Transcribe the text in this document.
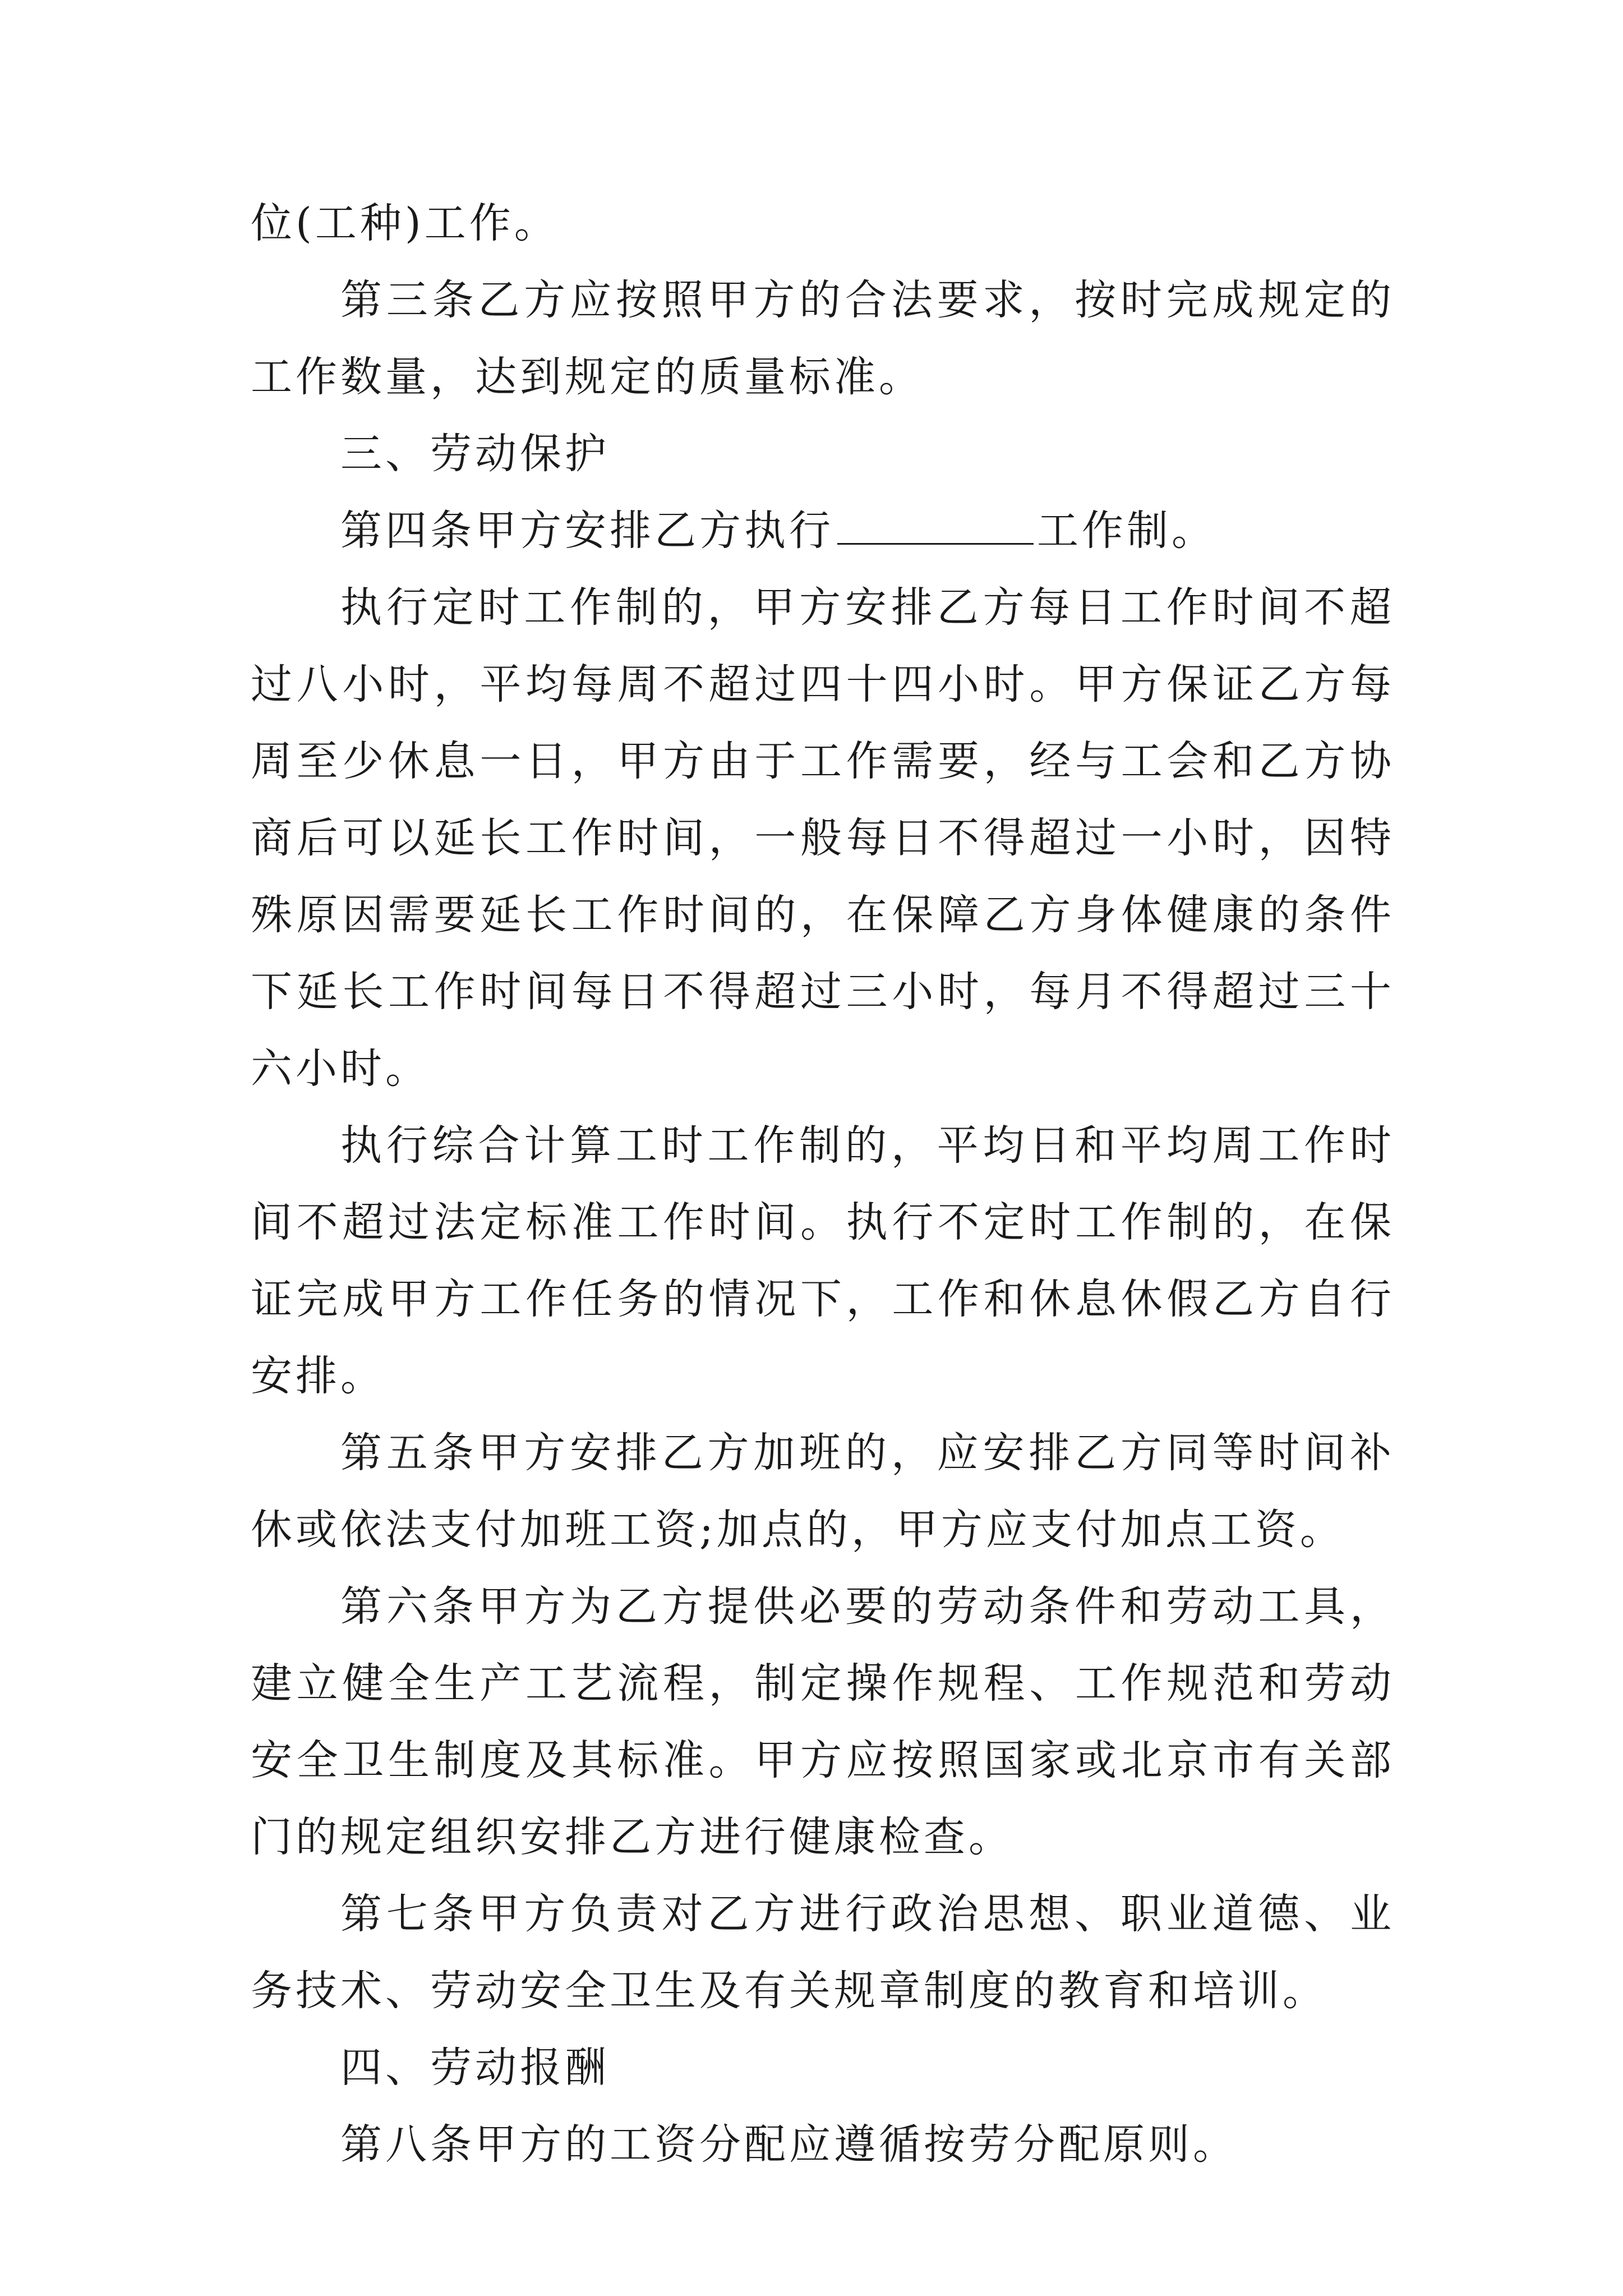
位(工种)工作。

第三条乙方应按照甲方的合法要求，按时完成规定的工作数量，达到规定的质量标准。

三、劳动保护

第四条甲方安排乙方执行	工作制。

执行定时工作制的，甲方安排乙方每日工作时间不超过八小时，平均每周不超过四十四小时。甲方保证乙方每周至少休息一日，甲方由于工作需要，经与工会和乙方协商后可以延长工作时间，一般每日不得超过一小时，因特殊原因需要延长工作时间的，在保障乙方身体健康的条件下延长工作时间每日不得超过三小时，每月不得超过三十六小时。

执行综合计算工时工作制的，平均日和平均周工作时间不超过法定标准工作时间。执行不定时工作制的，在保证完成甲方工作任务的情况下，工作和休息休假乙方自行安排。

第五条甲方安排乙方加班的，应安排乙方同等时间补休或依法支付加班工资;加点的，甲方应支付加点工资。

第六条甲方为乙方提供必要的劳动条件和劳动工具，建立健全生产工艺流程，制定操作规程、工作规范和劳动安全卫生制度及其标准。甲方应按照国家或北京市有关部门的规定组织安排乙方进行健康检查。

第七条甲方负责对乙方进行政治思想、职业道德、业务技术、劳动安全卫生及有关规章制度的教育和培训。

四、劳动报酬

第八条甲方的工资分配应遵循按劳分配原则。
